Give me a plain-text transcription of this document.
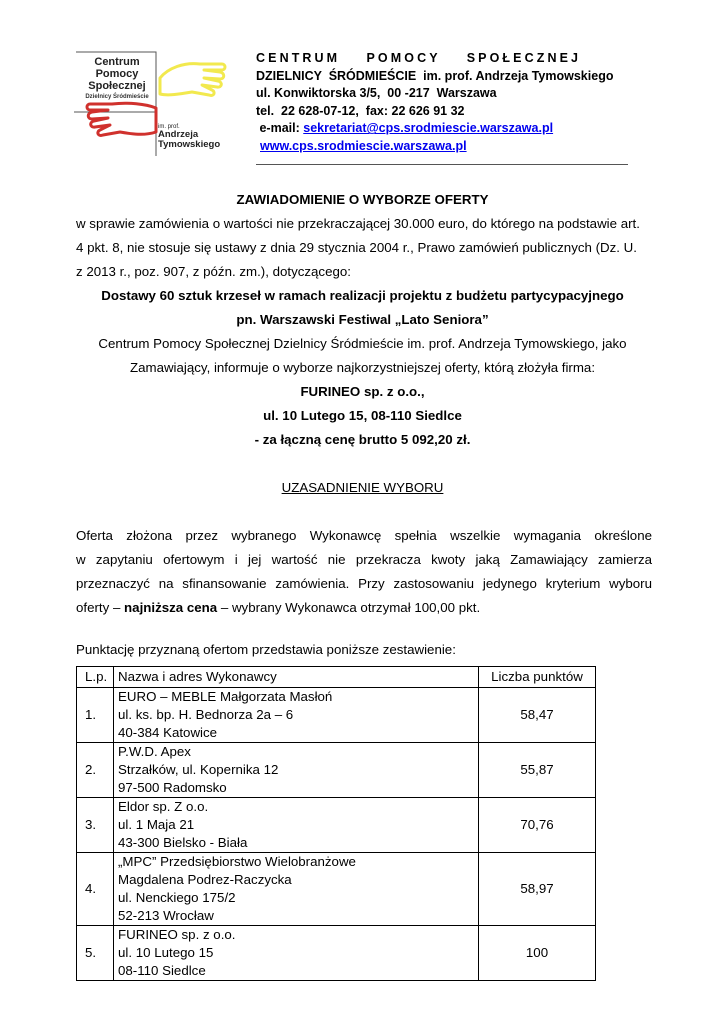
Centrum
Pomocy
Społecznej
Dzielnicy Śródmieście
im. prof.
Andrzeja
Tymowskiego
CENTRUM    POMOCY    SPOŁECZNEJ
DZIELNICY  ŚRÓDMIEŚCIE  im. prof. Andrzeja Tymowskiego
ul. Konwiktorska 3/5,  00 -217  Warszawa
tel.  22 628-07-12,  fax: 22 626 91 32
e-mail: sekretariat@cps.srodmiescie.warszawa.pl
www.cps.srodmiescie.warszawa.pl
ZAWIADOMIENIE O WYBORZE OFERTY
w sprawie zamówienia o wartości nie przekraczającej 30.000 euro, do którego na podstawie art.
4 pkt. 8, nie stosuje się ustawy z dnia 29 stycznia 2004 r., Prawo zamówień publicznych (Dz. U.
z 2013 r., poz. 907, z późn. zm.), dotyczącego:
Dostawy 60 sztuk krzeseł w ramach realizacji projektu z budżetu partycypacyjnego
pn. Warszawski Festiwal „Lato Seniora”
Centrum Pomocy Społecznej Dzielnicy Śródmieście im. prof. Andrzeja Tymowskiego, jako
Zamawiający, informuje o wyborze najkorzystniejszej oferty, którą złożyła firma:
FURINEO sp. z o.o.,
ul. 10 Lutego 15, 08-110 Siedlce
- za łączną cenę brutto 5 092,20 zł.
UZASADNIENIE WYBORU
Oferta złożona przez wybranego Wykonawcę spełnia wszelkie wymagania określone
w zapytaniu ofertowym i jej wartość nie przekracza kwoty jaką Zamawiający zamierza
przeznaczyć na sfinansowanie zamówienia. Przy zastosowaniu jedynego kryterium wyboru
oferty – najniższa cena – wybrany Wykonawca otrzymał 100,00 pkt.
Punktację przyznaną ofertom przedstawia poniższe zestawienie:
L.p.	Nazwa i adres Wykonawcy	Liczba punktów
1.	EURO – MEBLE Małgorzata Masłoń
ul. ks. bp. H. Bednorza 2a – 6
40-384 Katowice	58,47
2.	P.W.D. Apex
Strzałków, ul. Kopernika 12
97-500 Radomsko	55,87
3.	Eldor sp. Z o.o.
ul. 1 Maja 21
43-300 Bielsko - Biała	70,76
4.	„MPC” Przedsiębiorstwo Wielobranżowe
Magdalena Podrez-Raczycka
ul. Nenckiego 175/2
52-213 Wrocław	58,97
5.	FURINEO sp. z o.o.
ul. 10 Lutego 15
08-110 Siedlce	100
